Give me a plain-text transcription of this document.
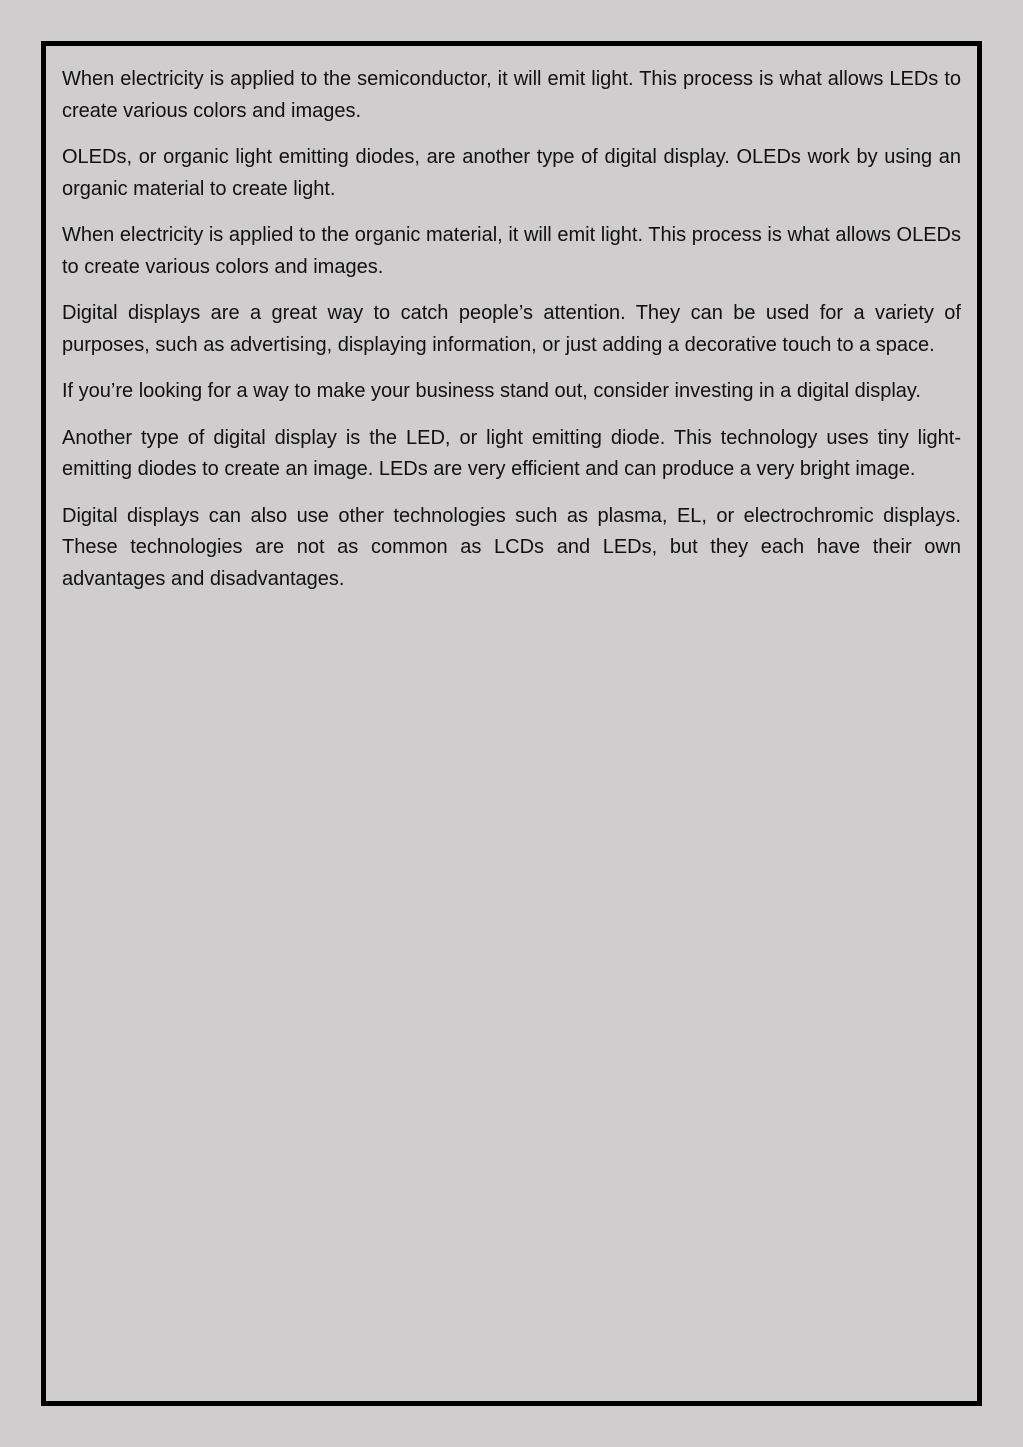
When electricity is applied to the semiconductor, it will emit light. This process is what allows LEDs to create various colors and images.

OLEDs, or organic light emitting diodes, are another type of digital display. OLEDs work by using an organic material to create light.

When electricity is applied to the organic material, it will emit light. This process is what allows OLEDs to create various colors and images.

Digital displays are a great way to catch people’s attention. They can be used for a variety of purposes, such as advertising, displaying information, or just adding a decorative touch to a space.

If you’re looking for a way to make your business stand out, consider investing in a digital display.

Another type of digital display is the LED, or light emitting diode. This technology uses tiny light-emitting diodes to create an image. LEDs are very efficient and can produce a very bright image.

Digital displays can also use other technologies such as plasma, EL, or electrochromic displays. These technologies are not as common as LCDs and LEDs, but they each have their own advantages and disadvantages.
